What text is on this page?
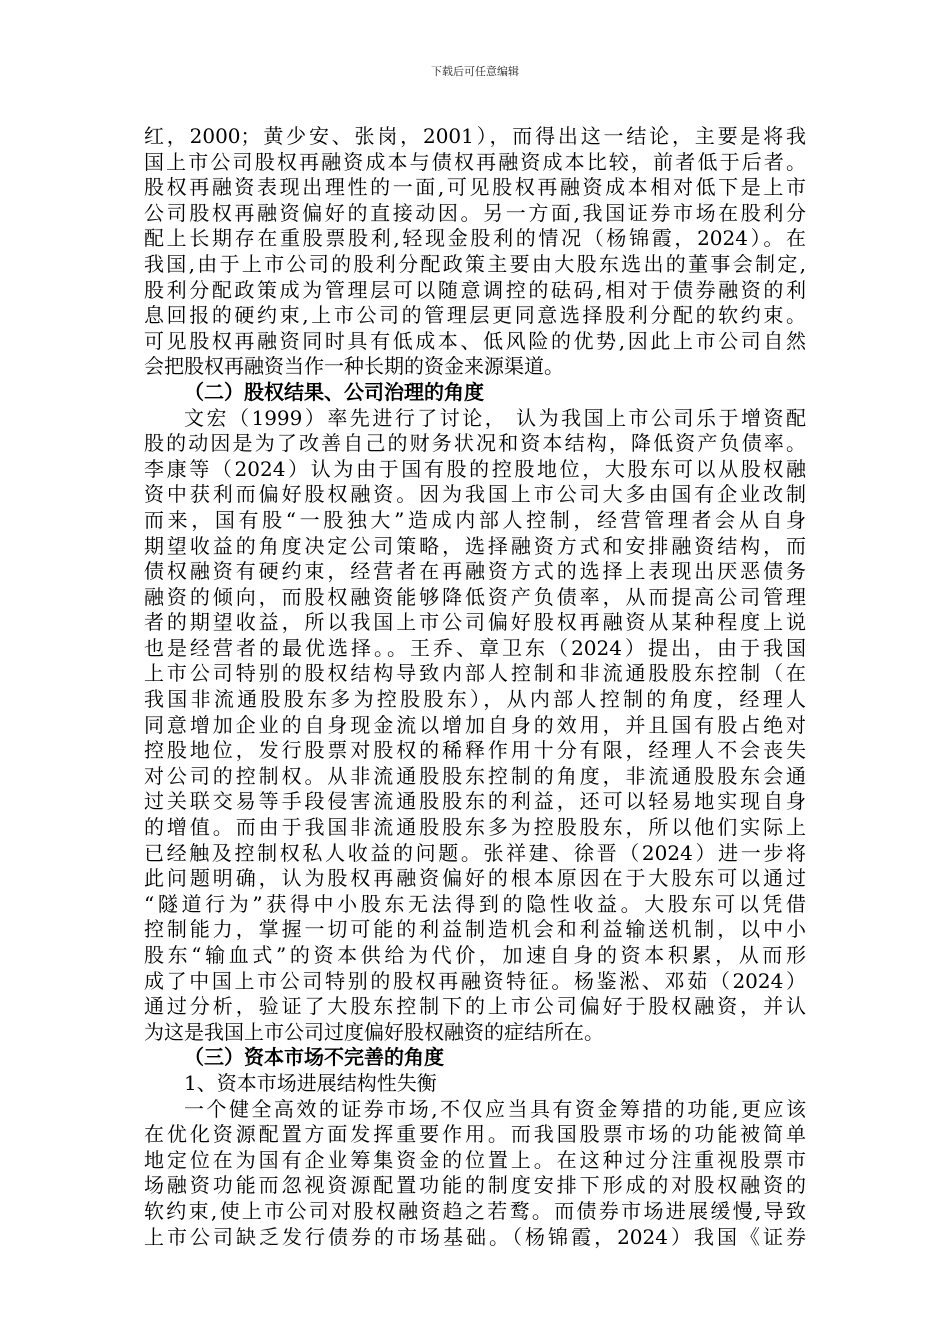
下载后可任意编辑
红，2000；黄少安、张岗，2001），而得出这一结论，主要是将我
国上市公司股权再融资成本与债权再融资成本比较，前者低于后者。
股权再融资表现出理性的一面,可见股权再融资成本相对低下是上市
公司股权再融资偏好的直接动因。另一方面,我国证券市场在股利分
配上长期存在重股票股利,轻现金股利的情况（杨锦霞，2024）。在
我国,由于上市公司的股利分配政策主要由大股东选出的董事会制定,
股利分配政策成为管理层可以随意调控的砝码,相对于债券融资的利
息回报的硬约束,上市公司的管理层更同意选择股利分配的软约束。
可见股权再融资同时具有低成本、低风险的优势,因此上市公司自然
会把股权再融资当作一种长期的资金来源渠道。
（二）股权结果、公司治理的角度
文宏（1999）率先进行了讨论， 认为我国上市公司乐于增资配
股的动因是为了改善自己的财务状况和资本结构，降低资产负债率。
李康等（2024）认为由于国有股的控股地位，大股东可以从股权融
资中获利而偏好股权融资。因为我国上市公司大多由国有企业改制
而来，国有股“一股独大”造成内部人控制，经营管理者会从自身
期望收益的角度决定公司策略，选择融资方式和安排融资结构，而
债权融资有硬约束，经营者在再融资方式的选择上表现出厌恶债务
融资的倾向，而股权融资能够降低资产负债率，从而提高公司管理
者的期望收益，所以我国上市公司偏好股权再融资从某种程度上说
也是经营者的最优选择。。王乔、章卫东（2024）提出，由于我国
上市公司特别的股权结构导致内部人控制和非流通股股东控制（在
我国非流通股股东多为控股股东），从内部人控制的角度，经理人
同意增加企业的自身现金流以增加自身的效用，并且国有股占绝对
控股地位，发行股票对股权的稀释作用十分有限，经理人不会丧失
对公司的控制权。从非流通股股东控制的角度，非流通股股东会通
过关联交易等手段侵害流通股股东的利益，还可以轻易地实现自身
的增值。而由于我国非流通股股东多为控股股东，所以他们实际上
已经触及控制权私人收益的问题。张祥建、徐晋（2024）进一步将
此问题明确，认为股权再融资偏好的根本原因在于大股东可以通过
“隧道行为”获得中小股东无法得到的隐性收益。大股东可以凭借
控制能力，掌握一切可能的利益制造机会和利益输送机制，以中小
股东“输血式”的资本供给为代价，加速自身的资本积累，从而形
成了中国上市公司特别的股权再融资特征。杨鉴淞、邓茹（2024）
通过分析，验证了大股东控制下的上市公司偏好于股权融资，并认
为这是我国上市公司过度偏好股权融资的症结所在。
（三）资本市场不完善的角度
1、资本市场进展结构性失衡
一个健全高效的证券市场,不仅应当具有资金筹措的功能,更应该
在优化资源配置方面发挥重要作用。而我国股票市场的功能被简单
地定位在为国有企业筹集资金的位置上。在这种过分注重视股票市
场融资功能而忽视资源配置功能的制度安排下形成的对股权融资的
软约束,使上市公司对股权融资趋之若鹜。而债券市场进展缓慢,导致
上市公司缺乏发行债券的市场基础。（杨锦霞，2024）我国《证券
